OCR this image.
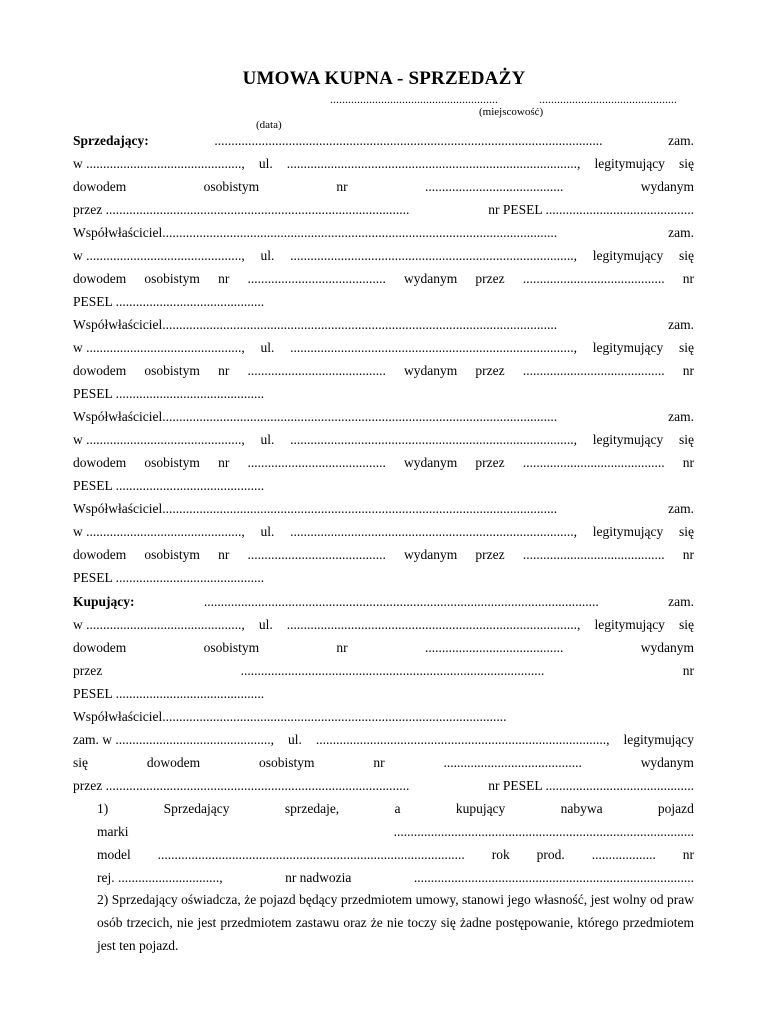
UMOWA KUPNA - SPRZEDAŻY
........................................................	..............................................
(miejscowość)
(data)
Sprzedający:	...................................................................................................................	zam.
w .............................................., ul. ......................................................................................, legitymujący się
dowodem	osobistym	nr	.........................................	wydanym
przez ..........................................................................................	nr PESEL ............................................
Współwłaściciel.....................................................................................................................	zam.
w .............................................., ul. ...................................................................................., legitymujący się
dowodem osobistym nr ......................................... wydanym przez .......................................... nr
PESEL ............................................
Współwłaściciel.....................................................................................................................	zam.
w .............................................., ul. ...................................................................................., legitymujący się
dowodem osobistym nr ......................................... wydanym przez .......................................... nr
PESEL ............................................
Współwłaściciel.....................................................................................................................	zam.
w .............................................., ul. ...................................................................................., legitymujący się
dowodem osobistym nr ......................................... wydanym przez .......................................... nr
PESEL ............................................
Współwłaściciel.....................................................................................................................	zam.
w .............................................., ul. ...................................................................................., legitymujący się
dowodem osobistym nr ......................................... wydanym przez .......................................... nr
PESEL ............................................
Kupujący:	.....................................................................................................................	zam.
w .............................................., ul. ......................................................................................, legitymujący się
dowodem	osobistym	nr	.........................................	wydanym
przez	..........................................................................................	nr
PESEL ............................................
Współwłaściciel......................................................................................................
zam. w .............................................., ul. ......................................................................................, legitymujący
się	dowodem	osobistym	nr	.........................................	wydanym
przez ..........................................................................................	nr PESEL ............................................
1)	Sprzedający	sprzedaje,	a	kupujący	nabywa	pojazd
marki	.........................................................................................
model ........................................................................................... rok prod. ................... nr
rej. ..............................,	nr nadwozia	...................................................................................
2) Sprzedający oświadcza, że pojazd będący przedmiotem umowy, stanowi jego własność, jest wolny od praw osób trzecich, nie jest przedmiotem zastawu oraz że nie toczy się żadne postępowanie, którego przedmiotem jest ten pojazd.
